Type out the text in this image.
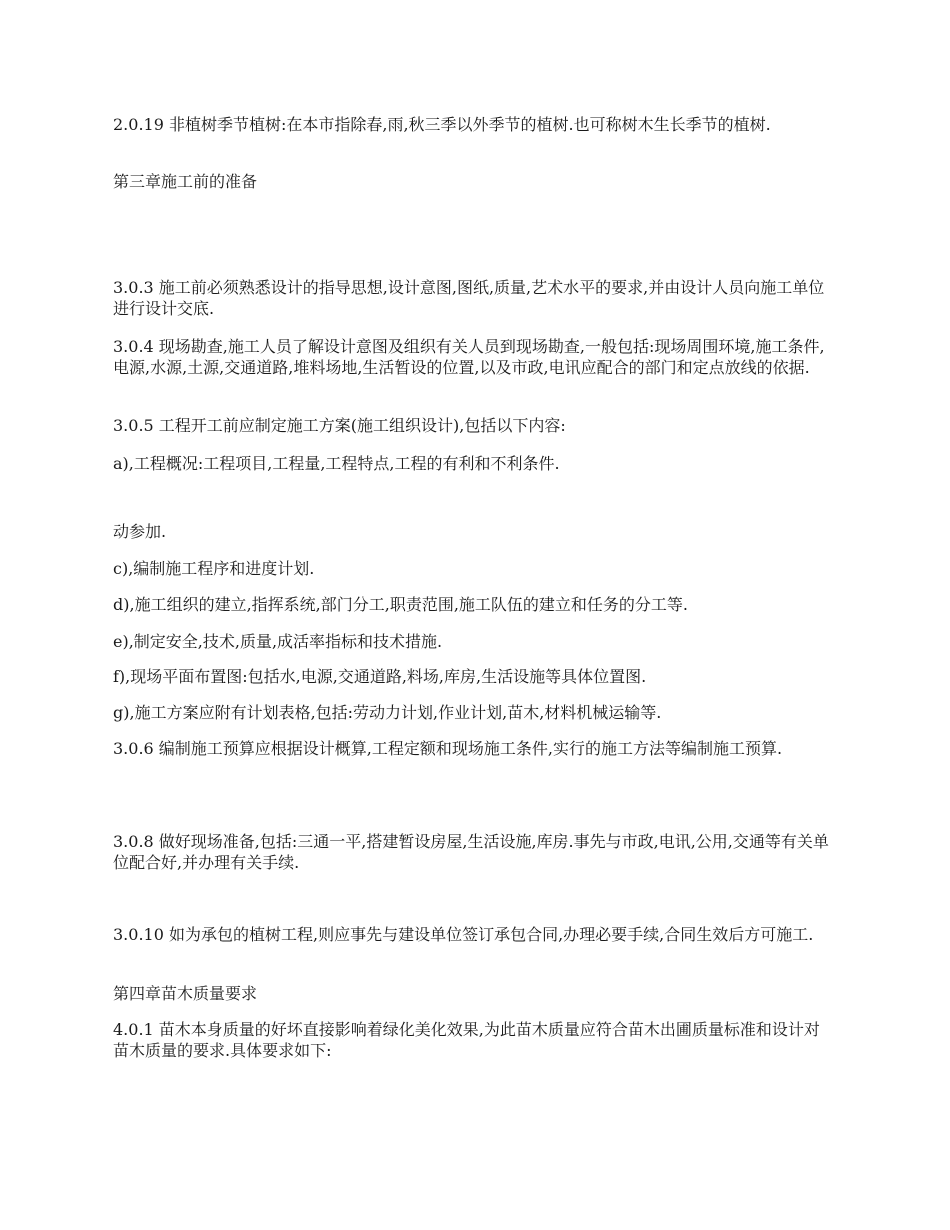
2.0.19 非植树季节植树:在本市指除春,雨,秋三季以外季节的植树.也可称树木生长季节的植树.

第三章施工前的准备

3.0.3 施工前必须熟悉设计的指导思想,设计意图,图纸,质量,艺术水平的要求,并由设计人员向施工单位进行设计交底.

3.0.4 现场勘查,施工人员了解设计意图及组织有关人员到现场勘查,一般包括:现场周围环境,施工条件,电源,水源,土源,交通道路,堆料场地,生活暂设的位置,以及市政,电讯应配合的部门和定点放线的依据.

3.0.5 工程开工前应制定施工方案(施工组织设计),包括以下内容:

a),工程概况:工程项目,工程量,工程特点,工程的有利和不利条件.

动参加.

c),编制施工程序和进度计划.

d),施工组织的建立,指挥系统,部门分工,职责范围,施工队伍的建立和任务的分工等.

e),制定安全,技术,质量,成活率指标和技术措施.

f),现场平面布置图:包括水,电源,交通道路,料场,库房,生活设施等具体位置图.

g),施工方案应附有计划表格,包括:劳动力计划,作业计划,苗木,材料机械运输等.

3.0.6 编制施工预算应根据设计概算,工程定额和现场施工条件,实行的施工方法等编制施工预算.

3.0.8 做好现场准备,包括:三通一平,搭建暂设房屋,生活设施,库房.事先与市政,电讯,公用,交通等有关单位配合好,并办理有关手续.

3.0.10 如为承包的植树工程,则应事先与建设单位签订承包合同,办理必要手续,合同生效后方可施工.

第四章苗木质量要求

4.0.1 苗木本身质量的好坏直接影响着绿化美化效果,为此苗木质量应符合苗木出圃质量标准和设计对苗木质量的要求.具体要求如下:
